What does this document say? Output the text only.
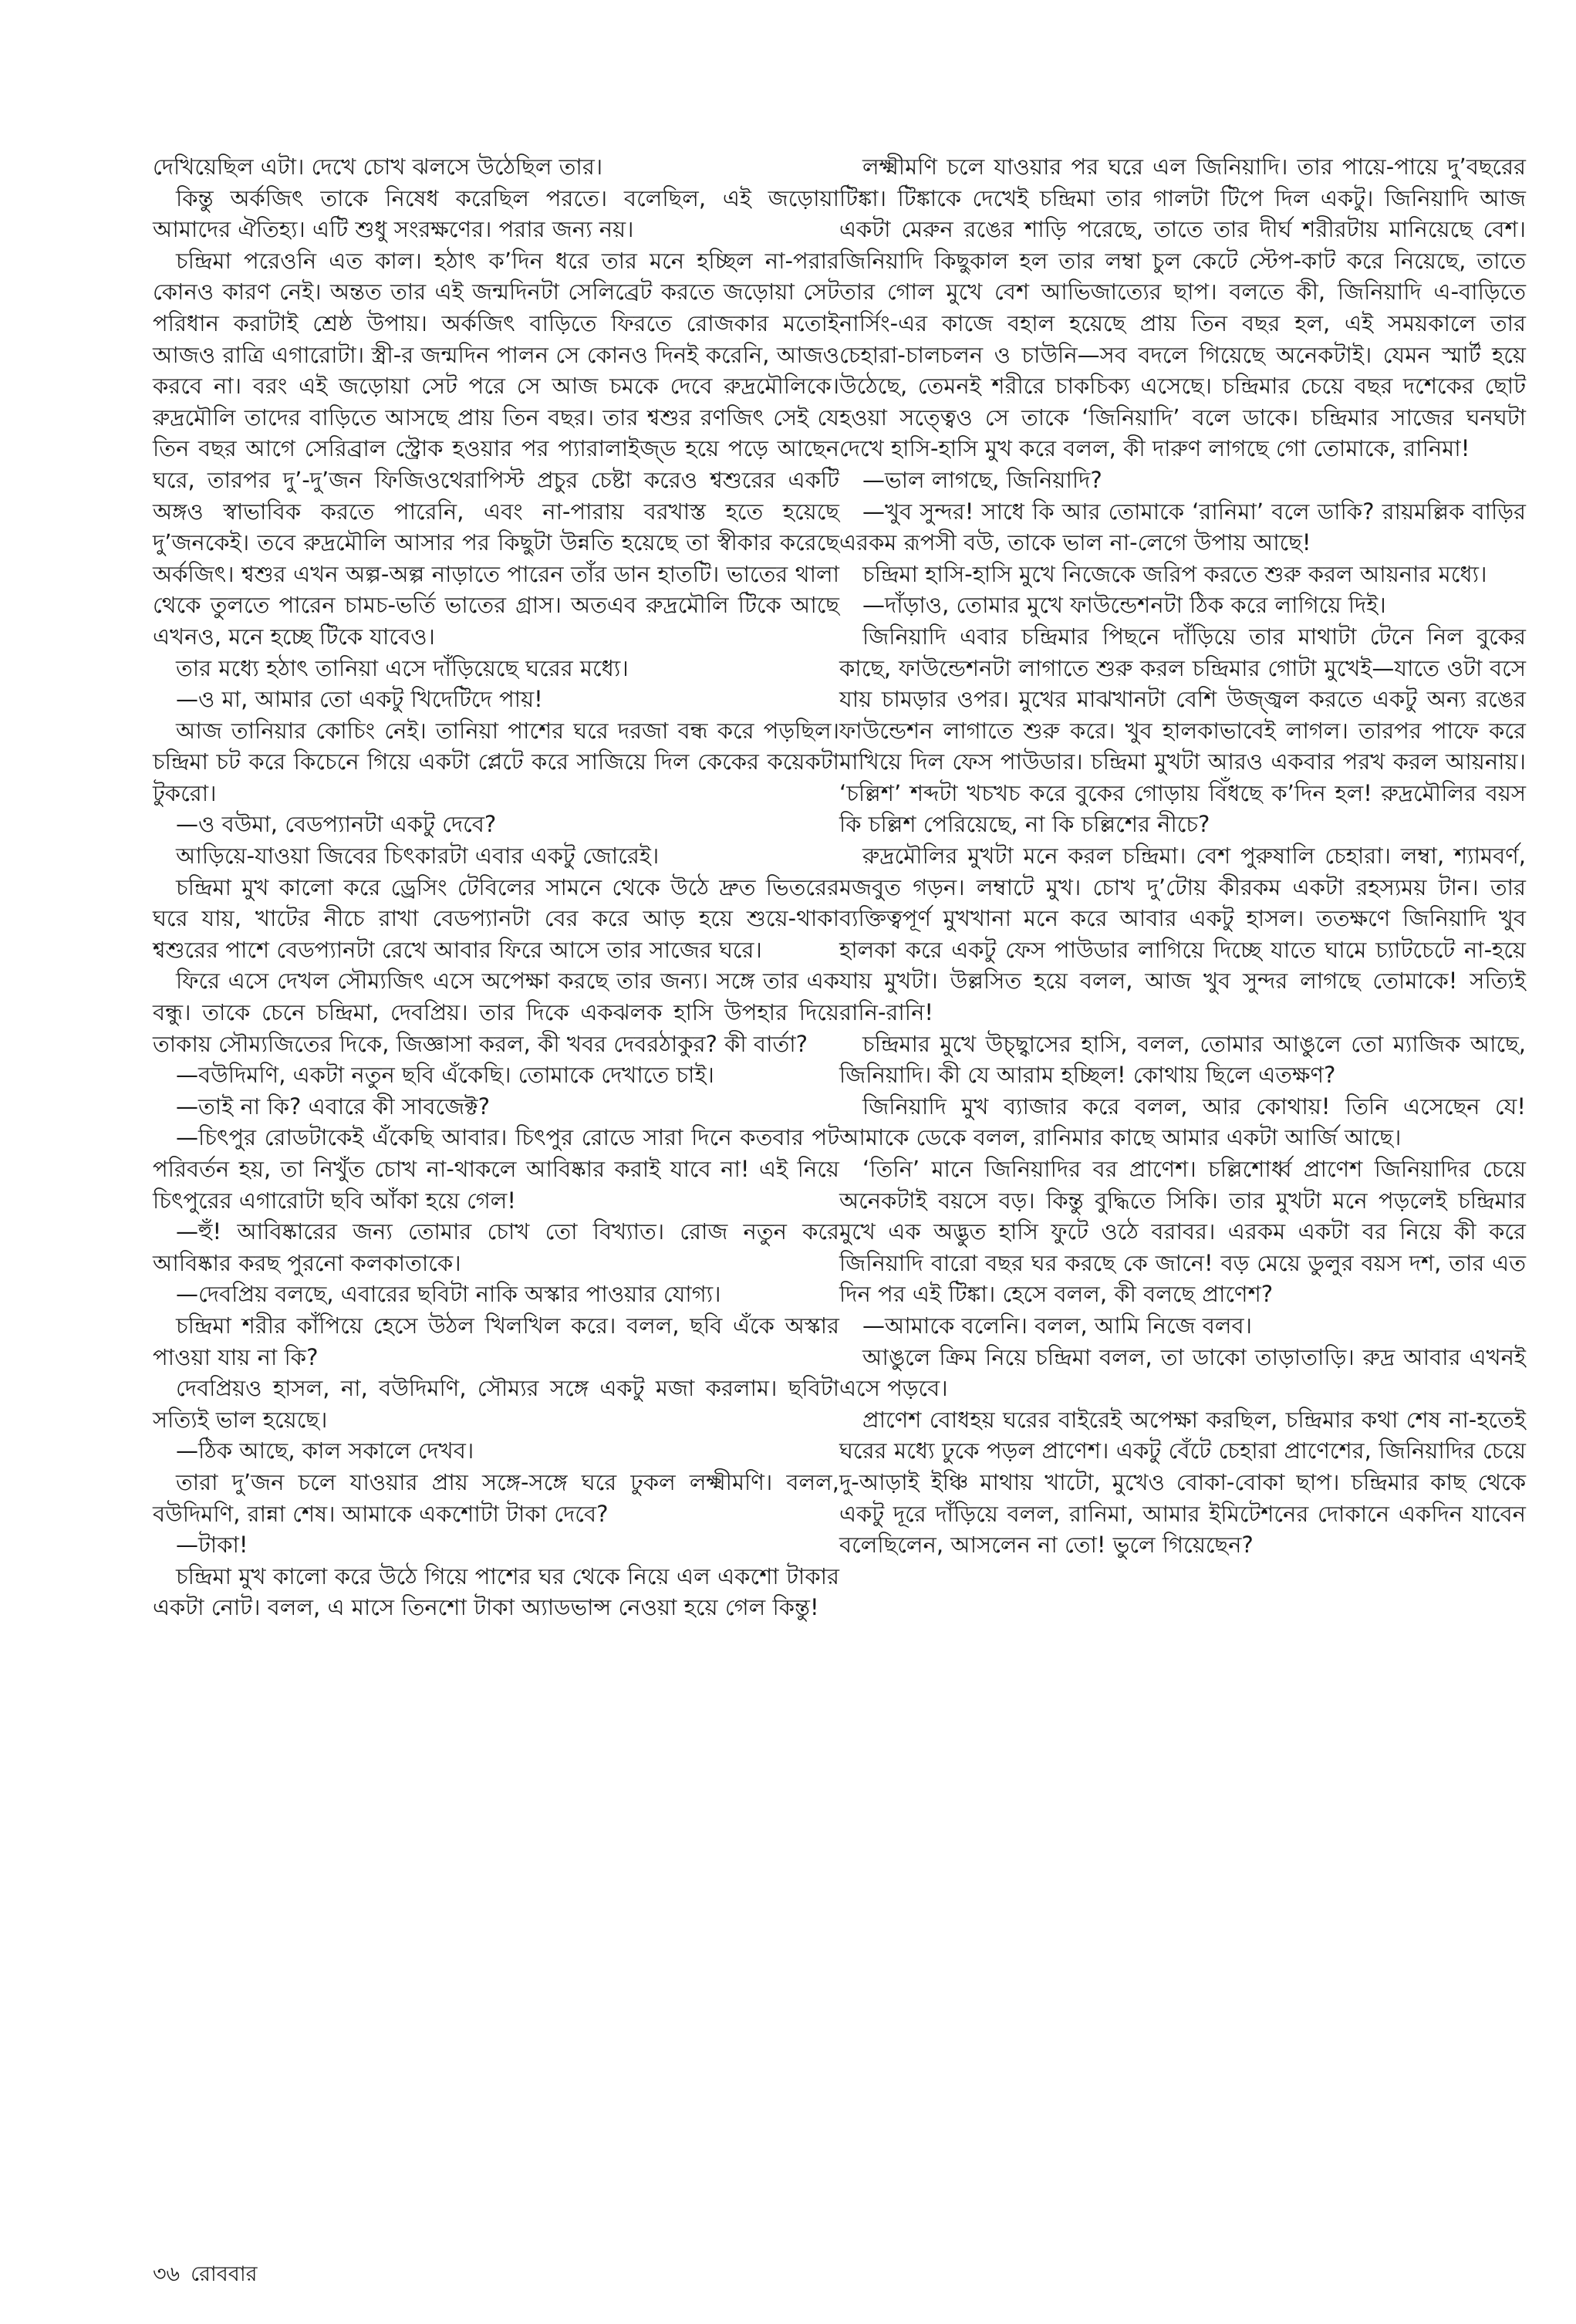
দেখিয়েছিল এটা। দেখে চোখ ঝলসে উঠেছিল তার।

কিন্তু অর্কজিৎ তাকে নিষেধ করেছিল পরতে। বলেছিল, এই জড়োয়া আমাদের ঐতিহ্য। এটি শুধু সংরক্ষণের। পরার জন্য নয়।

চন্দ্রিমা পরেওনি এত কাল। হঠাৎ ক’দিন ধরে তার মনে হচ্ছিল না-পরার কোনও কারণ নেই। অন্তত তার এই জন্মদিনটা সেলিব্রেট করতে জড়োয়া সেট পরিধান করাটাই শ্রেষ্ঠ উপায়। অর্কজিৎ বাড়িতে ফিরতে রোজকার মতোই আজও রাত্রি এগারোটা। স্ত্রী-র জন্মদিন পালন সে কোনও দিনই করেনি, আজও করবে না। বরং এই জড়োয়া সেট পরে সে আজ চমকে দেবে রুদ্রমৌলিকে। রুদ্রমৌলি তাদের বাড়িতে আসছে প্রায় তিন বছর। তার শ্বশুর রণজিৎ সেই যে তিন বছর আগে সেরিব্রাল স্ট্রোক হওয়ার পর প্যারালাইজ্‌ড হয়ে পড়ে আছেন ঘরে, তারপর দু’-দু’জন ফিজিওথেরাপিস্ট প্রচুর চেষ্টা করেও শ্বশুরের একটি অঙ্গও স্বাভাবিক করতে পারেনি, এবং না-পারায় বরখাস্ত হতে হয়েছে দু’জনকেই। তবে রুদ্রমৌলি আসার পর কিছুটা উন্নতি হয়েছে তা স্বীকার করেছে অর্কজিৎ। শ্বশুর এখন অল্প-অল্প নাড়াতে পারেন তাঁর ডান হাতটি। ভাতের থালা থেকে তুলতে পারেন চামচ-ভর্তি ভাতের গ্রাস। অতএব রুদ্রমৌলি টিকে আছে এখনও, মনে হচ্ছে টিকে যাবেও।

তার মধ্যে হঠাৎ তানিয়া এসে দাঁড়িয়েছে ঘরের মধ্যে।

—ও মা, আমার তো একটু খিদেটিদে পায়!

আজ তানিয়ার কোচিং নেই। তানিয়া পাশের ঘরে দরজা বন্ধ করে পড়ছিল। চন্দ্রিমা চট করে কিচেনে গিয়ে একটা প্লেটে করে সাজিয়ে দিল কেকের কয়েকটা টুকরো।

—ও বউমা, বেডপ্যানটা একটু দেবে?

আড়িয়ে-যাওয়া জিবের চিৎকারটা এবার একটু জোরেই।

চন্দ্রিমা মুখ কালো করে ড্রেসিং টেবিলের সামনে থেকে উঠে দ্রুত ভিতরের ঘরে যায়, খাটের নীচে রাখা বেডপ্যানটা বের করে আড় হয়ে শুয়ে-থাকা শ্বশুরের পাশে বেডপ্যানটা রেখে আবার ফিরে আসে তার সাজের ঘরে।

ফিরে এসে দেখল সৌম্যজিৎ এসে অপেক্ষা করছে তার জন্য। সঙ্গে তার এক বন্ধু। তাকে চেনে চন্দ্রিমা, দেবপ্রিয়। তার দিকে একঝলক হাসি উপহার দিয়ে তাকায় সৌম্যজিতের দিকে, জিজ্ঞাসা করল, কী খবর দেবরঠাকুর? কী বার্তা?

—বউদিমণি, একটা নতুন ছবি এঁকেছি। তোমাকে দেখাতে চাই।

—তাই না কি? এবারে কী সাবজেক্ট?

—চিৎপুর রোডটাকেই এঁকেছি আবার। চিৎপুর রোডে সারা দিনে কতবার পট পরিবর্তন হয়, তা নিখুঁত চোখ না-থাকলে আবিষ্কার করাই যাবে না! এই নিয়ে চিৎপুরের এগারোটা ছবি আঁকা হয়ে গেল!

—হুঁ! আবিষ্কারের জন্য তোমার চোখ তো বিখ্যাত। রোজ নতুন করে আবিষ্কার করছ পুরনো কলকাতাকে।

—দেবপ্রিয় বলছে, এবারের ছবিটা নাকি অস্কার পাওয়ার যোগ্য।

চন্দ্রিমা শরীর কাঁপিয়ে হেসে উঠল খিলখিল করে। বলল, ছবি এঁকে অস্কার পাওয়া যায় না কি?

দেবপ্রিয়ও হাসল, না, বউদিমণি, সৌম্যর সঙ্গে একটু মজা করলাম। ছবিটা সত্যিই ভাল হয়েছে।

—ঠিক আছে, কাল সকালে দেখব।

তারা দু’জন চলে যাওয়ার প্রায় সঙ্গে-সঙ্গে ঘরে ঢুকল লক্ষ্মীমণি। বলল, বউদিমণি, রান্না শেষ। আমাকে একশোটা টাকা দেবে?

—টাকা!

চন্দ্রিমা মুখ কালো করে উঠে গিয়ে পাশের ঘর থেকে নিয়ে এল একশো টাকার একটা নোট। বলল, এ মাসে তিনশো টাকা অ্যাডভান্স নেওয়া হয়ে গেল কিন্তু!

লক্ষ্মীমণি চলে যাওয়ার পর ঘরে এল জিনিয়াদি। তার পায়ে-পায়ে দু’বছরের টিঙ্কা। টিঙ্কাকে দেখেই চন্দ্রিমা তার গালটা টিপে দিল একটু। জিনিয়াদি আজ একটা মেরুন রঙের শাড়ি পরেছে, তাতে তার দীর্ঘ শরীরটায় মানিয়েছে বেশ। জিনিয়াদি কিছুকাল হল তার লম্বা চুল কেটে স্টেপ-কাট করে নিয়েছে, তাতে তার গোল মুখে বেশ আভিজাত্যের ছাপ। বলতে কী, জিনিয়াদি এ-বাড়িতে নার্সিং-এর কাজে বহাল হয়েছে প্রায় তিন বছর হল, এই সময়কালে তার চেহারা-চালচলন ও চাউনি—সব বদলে গিয়েছে অনেকটাই। যেমন স্মার্ট হয়ে উঠেছে, তেমনই শরীরে চাকচিক্য এসেছে। চন্দ্রিমার চেয়ে বছর দশেকের ছোট হওয়া সত্ত্বেও সে তাকে ‘জিনিয়াদি’ বলে ডাকে। চন্দ্রিমার সাজের ঘনঘটা দেখে হাসি-হাসি মুখ করে বলল, কী দারুণ লাগছে গো তোমাকে, রানিমা!

—ভাল লাগছে, জিনিয়াদি?

—খুব সুন্দর! সাধে কি আর তোমাকে ‘রানিমা’ বলে ডাকি? রায়মল্লিক বাড়ির এরকম রূপসী বউ, তাকে ভাল না-লেগে উপায় আছে!

চন্দ্রিমা হাসি-হাসি মুখে নিজেকে জরিপ করতে শুরু করল আয়নার মধ্যে।

—দাঁড়াও, তোমার মুখে ফাউন্ডেশনটা ঠিক করে লাগিয়ে দিই।

জিনিয়াদি এবার চন্দ্রিমার পিছনে দাঁড়িয়ে তার মাথাটা টেনে নিল বুকের কাছে, ফাউন্ডেশনটা লাগাতে শুরু করল চন্দ্রিমার গোটা মুখেই—যাতে ওটা বসে যায় চামড়ার ওপর। মুখের মাঝখানটা বেশি উজ্জ্বল করতে একটু অন্য রঙের ফাউন্ডেশন লাগাতে শুরু করে। খুব হালকাভাবেই লাগল। তারপর পাফে করে মাখিয়ে দিল ফেস পাউডার। চন্দ্রিমা মুখটা আরও একবার পরখ করল আয়নায়। ‘চল্লিশ’ শব্দটা খচখচ করে বুকের গোড়ায় বিঁধছে ক’দিন হল! রুদ্রমৌলির বয়স কি চল্লিশ পেরিয়েছে, না কি চল্লিশের নীচে?

রুদ্রমৌলির মুখটা মনে করল চন্দ্রিমা। বেশ পুরুষালি চেহারা। লম্বা, শ্যামবর্ণ, মজবুত গড়ন। লম্বাটে মুখ। চোখ দু’টোয় কীরকম একটা রহস্যময় টান। তার ব্যক্তিত্বপূর্ণ মুখখানা মনে করে আবার একটু হাসল। ততক্ষণে জিনিয়াদি খুব হালকা করে একটু ফেস পাউডার লাগিয়ে দিচ্ছে যাতে ঘামে চ্যাটচেটে না-হয়ে যায় মুখটা। উল্লসিত হয়ে বলল, আজ খুব সুন্দর লাগছে তোমাকে! সত্যিই রানি-রানি!

চন্দ্রিমার মুখে উচ্ছ্বাসের হাসি, বলল, তোমার আঙুলে তো ম্যাজিক আছে, জিনিয়াদি। কী যে আরাম হচ্ছিল! কোথায় ছিলে এতক্ষণ?

জিনিয়াদি মুখ ব্যাজার করে বলল, আর কোথায়! তিনি এসেছেন যে! আমাকে ডেকে বলল, রানিমার কাছে আমার একটা আর্জি আছে।

‘তিনি’ মানে জিনিয়াদির বর প্রাণেশ। চল্লিশোর্ধ্ব প্রাণেশ জিনিয়াদির চেয়ে অনেকটাই বয়সে বড়। কিন্তু বুদ্ধিতে সিকি। তার মুখটা মনে পড়লেই চন্দ্রিমার মুখে এক অদ্ভুত হাসি ফুটে ওঠে বরাবর। এরকম একটা বর নিয়ে কী করে জিনিয়াদি বারো বছর ঘর করছে কে জানে! বড় মেয়ে ডুলুর বয়স দশ, তার এত দিন পর এই টিঙ্কা। হেসে বলল, কী বলছে প্রাণেশ?

—আমাকে বলেনি। বলল, আমি নিজে বলব।

আঙুলে ক্রিম নিয়ে চন্দ্রিমা বলল, তা ডাকো তাড়াতাড়ি। রুদ্র আবার এখনই এসে পড়বে।

প্রাণেশ বোধহয় ঘরের বাইরেই অপেক্ষা করছিল, চন্দ্রিমার কথা শেষ না-হতেই ঘরের মধ্যে ঢুকে পড়ল প্রাণেশ। একটু বেঁটে চেহারা প্রাণেশের, জিনিয়াদির চেয়ে দু-আড়াই ইঞ্চি মাথায় খাটো, মুখেও বোকা-বোকা ছাপ। চন্দ্রিমার কাছ থেকে একটু দূরে দাঁড়িয়ে বলল, রানিমা, আমার ইমিটেশনের দোকানে একদিন যাবেন বলেছিলেন, আসলেন না তো! ভুলে গিয়েছেন?

৩৬ রোববার
